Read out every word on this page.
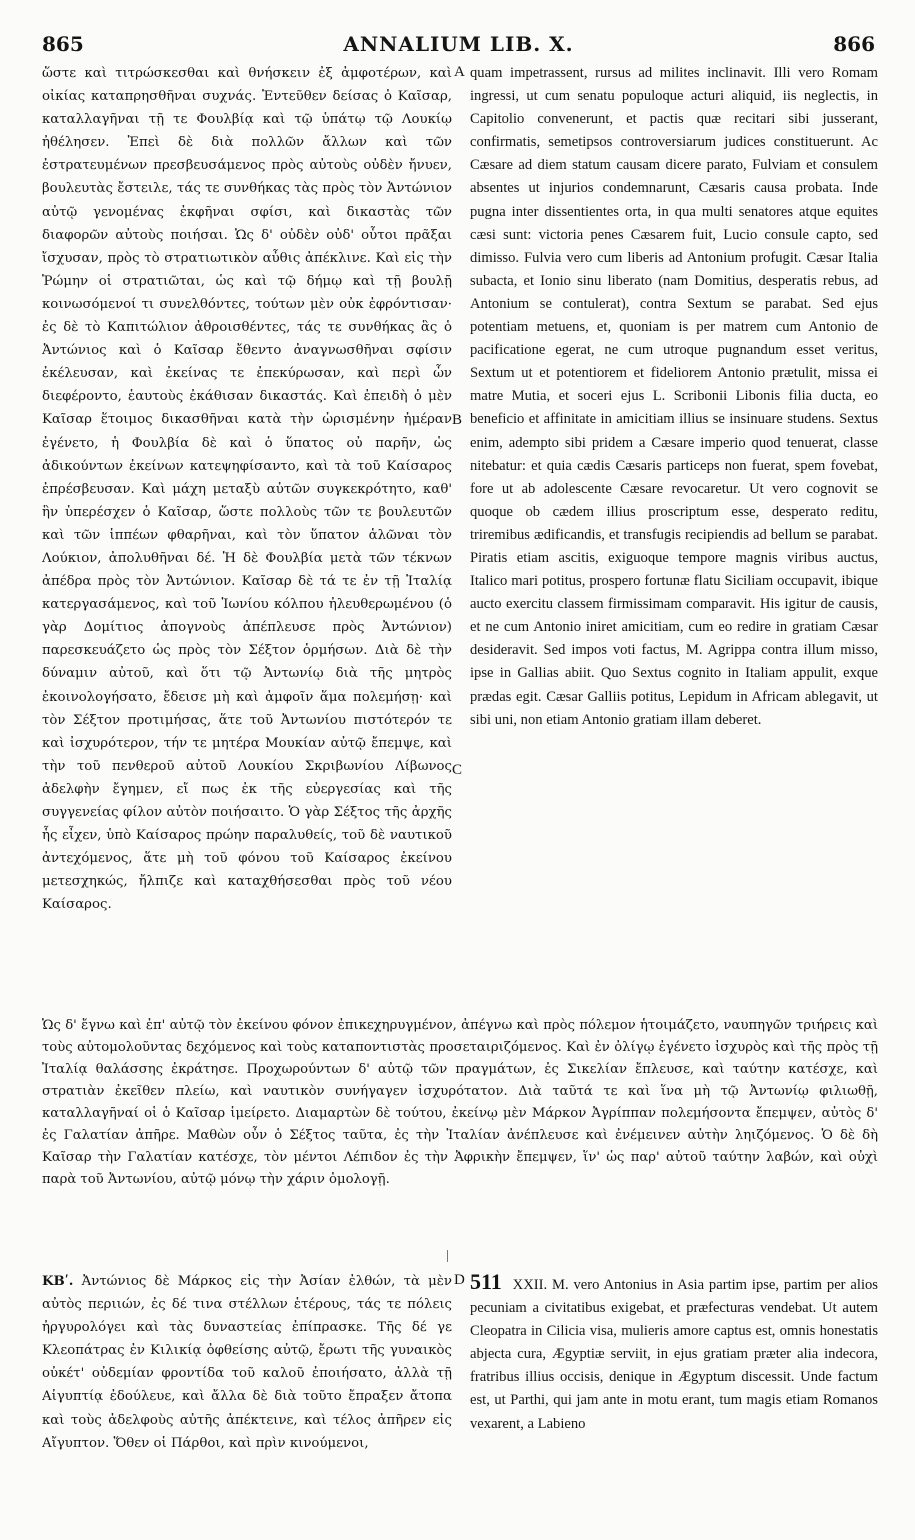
865	ANNALIUM LIB. X.	866
ὥστε καὶ τιτρώσκεσθαι καὶ θνήσκειν ἐξ ἀμφοτέρων, καὶ οἰκίας καταπρησθῆναι συχνάς. Ἐντεῦθεν δείσας ὁ Καῖσαρ, καταλλαγῆναι τῇ τε Φουλβίᾳ καὶ τῷ ὑπάτῳ τῷ Λουκίῳ ἠθέλησεν. Ἐπεὶ δὲ διὰ πολλῶν ἄλλων καὶ τῶν ἐστρατευμένων πρεσβευσάμενος πρὸς αὐτοὺς οὐδὲν ἤνυεν, βουλευτὰς ἔστειλε, τάς τε συνθήκας τὰς πρὸς τὸν Ἀντώνιον αὐτῷ γενομένας ἐκφῆναι σφίσι, καὶ δικαστὰς τῶν διαφορῶν αὐτοὺς ποιήσαι. Ὡς δ' οὐδὲν οὐδ' οὗτοι πρᾶξαι ἴσχυσαν, πρὸς τὸ στρατιωτικὸν αὖθις ἀπέκλινε. Καὶ εἰς τὴν Ῥώμην οἱ στρατιῶται, ὡς καὶ τῷ δήμῳ καὶ τῇ βουλῇ κοινωσόμενοί τι συνελθόντες, τούτων μὲν οὐκ ἐφρόντισαν· ἐς δὲ τὸ Καπιτώλιον ἀθροισθέντες, τάς τε συνθήκας ἃς ὁ Ἀντώνιος καὶ ὁ Καῖσαρ ἔθεντο ἀναγνωσθῆναι σφίσιν ἐκέλευσαν, καὶ ἐκείνας τε ἐπεκύρωσαν, καὶ περὶ ὧν διεφέροντο, ἑαυτοὺς ἐκάθισαν δικαστάς. Καὶ ἐπειδὴ ὁ μὲν Καῖσαρ ἕτοιμος δικασθῆναι κατὰ τὴν ὡρισμένην ἡμέραν ἐγένετο, ἡ Φουλβία δὲ καὶ ὁ ὕπατος οὐ παρῆν, ὡς ἀδικούντων ἐκείνων κατεψηφίσαντο, καὶ τὰ τοῦ Καίσαρος ἐπρέσβευσαν. Καὶ μάχη μεταξὺ αὐτῶν συγκεκρότητο, καθ' ἣν ὑπερέσχεν ὁ Καῖσαρ, ὥστε πολλοὺς τῶν τε βουλευτῶν καὶ τῶν ἱππέων φθαρῆναι, καὶ τὸν ὕπατον ἁλῶναι τὸν Λούκιον, ἀπολυθῆναι δέ. Ἡ δὲ Φουλβία μετὰ τῶν τέκνων ἀπέδρα πρὸς τὸν Ἀντώνιον. Καῖσαρ δὲ τά τε ἐν τῇ Ἰταλίᾳ κατεργασάμενος, καὶ τοῦ Ἰωνίου κόλπου ἠλευθερωμένου (ὁ γὰρ Δομίτιος ἀπογνοὺς ἀπέπλευσε πρὸς Ἀντώνιον) παρεσκευάζετο ὡς πρὸς τὸν Σέξτον ὁρμήσων. Διὰ δὲ τὴν δύναμιν αὐτοῦ, καὶ ὅτι τῷ Ἀντωνίῳ διὰ τῆς μητρὸς ἐκοινολογήσατο, ἔδεισε μὴ καὶ ἀμφοῖν ἅμα πολεμήσῃ· καὶ τὸν Σέξτον προτιμήσας, ἅτε τοῦ Ἀντωνίου πιστότερόν τε καὶ ἰσχυρότερον, τήν τε μητέρα Μουκίαν αὐτῷ ἔπεμψε, καὶ τὴν τοῦ πενθεροῦ αὐτοῦ Λουκίου Σκριβωνίου Λίβωνος ἀδελφὴν ἔγημεν, εἴ πως ἐκ τῆς εὐεργεσίας καὶ τῆς συγγενείας φίλον αὐτὸν ποιήσαιτο. Ὁ γὰρ Σέξτος τῆς ἀρχῆς ἧς εἶχεν, ὑπὸ Καίσαρος πρώην παραλυθείς, τοῦ δὲ ναυτικοῦ ἀντεχόμενος, ἅτε μὴ τοῦ φόνου τοῦ Καίσαρος ἐκείνου μετεσχηκώς, ἤλπιζε καὶ καταχθήσεσθαι πρὸς τοῦ νέου Καίσαρος.
A
B
C
quam impetrassent, rursus ad milites inclinavit. Illi vero Romam ingressi, ut cum senatu populoque acturi aliquid, iis neglectis, in Capitolio convenerunt, et pactis quæ recitari sibi jusserant, confirmatis, semetipsos controversiarum judices constituerunt. Ac Cæsare ad diem statum causam dicere parato, Fulviam et consulem absentes ut injurios condemnarunt, Cæsaris causa probata. Inde pugna inter dissentientes orta, in qua multi senatores atque equites cæsi sunt: victoria penes Cæsarem fuit, Lucio consule capto, sed dimisso. Fulvia vero cum liberis ad Antonium profugit. Cæsar Italia subacta, et Ionio sinu liberato (nam Domitius, desperatis rebus, ad Antonium se contulerat), contra Sextum se parabat. Sed ejus potentiam metuens, et, quoniam is per matrem cum Antonio de pacificatione egerat, ne cum utroque pugnandum esset veritus, Sextum ut et potentiorem et fideliorem Antonio prætulit, missa ei matre Mutia, et soceri ejus L. Scribonii Libonis filia ducta, eo beneficio et affinitate in amicitiam illius se insinuare studens. Sextus enim, adempto sibi pridem a Cæsare imperio quod tenuerat, classe nitebatur: et quia cædis Cæsaris particeps non fuerat, spem fovebat, fore ut ab adolescente Cæsare revocaretur. Ut vero cognovit se quoque ob cædem illius proscriptum esse, desperato reditu, triremibus ædificandis, et transfugis recipiendis ad bellum se parabat. Piratis etiam ascitis, exiguoque tempore magnis viribus auctus, Italico mari potitus, prospero fortunæ flatu Siciliam occupavit, ibique aucto exercitu classem firmissimam comparavit. His igitur de causis, et ne cum Antonio iniret amicitiam, cum eo redire in gratiam Cæsar desideravit. Sed impos voti factus, M. Agrippa contra illum misso, ipse in Gallias abiit. Quo Sextus cognito in Italiam appulit, exque prædas egit. Cæsar Galliis potitus, Lepidum in Africam ablegavit, ut sibi uni, non etiam Antonio gratiam illam deberet.
Ὡς δ' ἔγνω καὶ ἐπ' αὐτῷ τὸν ἐκείνου φόνον ἐπικεχηρυγμένον, ἀπέγνω καὶ πρὸς πόλεμον ἡτοιμάζετο, ναυπηγῶν τριήρεις καὶ τοὺς αὐτομολοῦντας δεχόμενος καὶ τοὺς καταποντιστὰς προσεταιριζόμενος. Καὶ ἐν ὀλίγῳ ἐγένετο ἰσχυρὸς καὶ τῆς πρὸς τῇ Ἰταλίᾳ θαλάσσης ἐκράτησε. Προχωρούντων δ' αὐτῷ τῶν πραγμάτων, ἐς Σικελίαν ἔπλευσε, καὶ ταύτην κατέσχε, καὶ στρατιὰν ἐκεῖθεν πλείω, καὶ ναυτικὸν συνήγαγεν ἰσχυρότατον. Διὰ ταῦτά τε καὶ ἵνα μὴ τῷ Ἀντωνίῳ φιλιωθῇ, καταλλαγῆναί οἱ ὁ Καῖσαρ ἱμείρετο. Διαμαρτὼν δὲ τούτου, ἐκείνῳ μὲν Μάρκον Ἀγρίππαν πολεμήσοντα ἔπεμψεν, αὐτὸς δ' ἐς Γαλατίαν ἀπῆρε. Μαθὼν οὖν ὁ Σέξτος ταῦτα, ἐς τὴν Ἰταλίαν ἀνέπλευσε καὶ ἐνέμεινεν αὐτὴν ληιζόμενος. Ὁ δὲ δὴ Καῖσαρ τὴν Γαλατίαν κατέσχε, τὸν μέντοι Λέπιδον ἐς τὴν Ἀφρικὴν ἔπεμψεν, ἵν' ὡς παρ' αὐτοῦ ταύτην λαβών, καὶ οὐχὶ παρὰ τοῦ Ἀντωνίου, αὐτῷ μόνῳ τὴν χάριν ὁμολογῇ.
ΚΒʹ. Ἀντώνιος δὲ Μάρκος εἰς τὴν Ἀσίαν ἐλθών, τὰ μὲν αὐτὸς περιιών, ἐς δέ τινα στέλλων ἑτέρους, τάς τε πόλεις ἠργυρολόγει καὶ τὰς δυναστείας ἐπίπρασκε. Τῆς δέ γε Κλεοπάτρας ἐν Κιλικίᾳ ὀφθείσης αὐτῷ, ἔρωτι τῆς γυναικὸς οὐκέτ' οὐδεμίαν φροντίδα τοῦ καλοῦ ἐποιήσατο, ἀλλὰ τῇ Αἰγυπτίᾳ ἐδούλευε, καὶ ἄλλα δὲ διὰ τοῦτο ἔπραξεν ἄτοπα καὶ τοὺς ἀδελφοὺς αὐτῆς ἀπέκτεινε, καὶ τέλος ἀπῆρεν εἰς Αἴγυπτον. Ὅθεν οἱ Πάρθοι, καὶ πρὶν κινούμενοι,
D 511 XXII. M. vero Antonius in Asia partim ipse, partim per alios pecuniam a civitatibus exigebat, et præfecturas vendebat. Ut autem Cleopatra in Cilicia visa, mulieris amore captus est, omnis honestatis abjecta cura, Ægyptiæ serviit, in ejus gratiam præter alia indecora, fratribus illius occisis, denique in Ægyptum discessit. Unde factum est, ut Parthi, qui jam ante in motu erant, tum magis etiam Romanos vexarent, a Labieno
